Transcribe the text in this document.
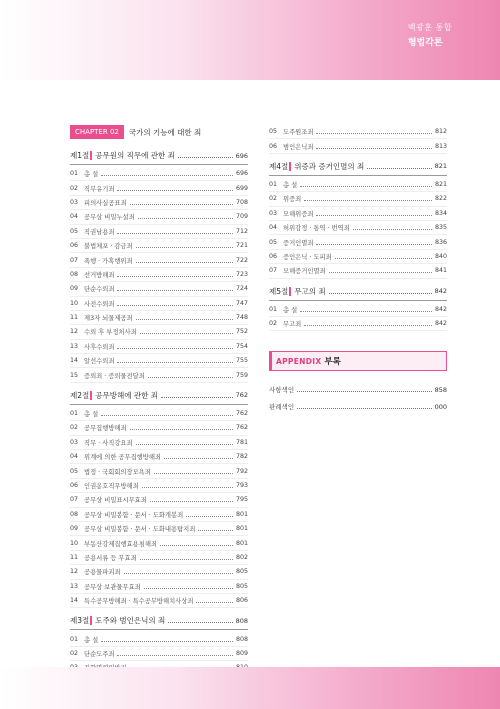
백광훈 통합
형법각론
CHAPTER 02	국가의 기능에 대한 죄
제1절 공무원의 직무에 관한 죄	696
01 총 설	696
02 직무유기죄	699
03 피의사실공표죄	708
04 공무상 비밀누설죄	709
05 직권남용죄	712
06 불법체포 · 감금죄	721
07 폭행 · 가혹행위죄	722
08 선거방해죄	723
09 단순수뢰죄	724
10 사전수뢰죄	747
11 제3자 뇌물제공죄	748
12 수뢰 후 부정처사죄	752
13 사후수뢰죄	754
14 알선수뢰죄	755
15 증뢰죄 · 증뢰물전달죄	759
제2절 공무방해에 관한 죄	762
01 총 설	762
02 공무집행방해죄	762
03 직무 · 사직강요죄	781
04 위계에 의한 공무집행방해죄	782
05 법정 · 국회회의장모욕죄	792
06 인권옹호직무방해죄	793
07 공무상 비밀표시무효죄	795
08 공무상 비밀봉함 · 문서 · 도화개봉죄	801
09 공무상 비밀봉함 · 문서 · 도화내용탐지죄	801
10 부동산강제집행효용침해죄	801
11 공용서류 등 무효죄	802
12 공용물파괴죄	805
13 공무상 보관물무효죄	805
14 특수공무방해죄 · 특수공무방해치사상죄	806
제3절 도주와 범인은닉의 죄	808
01 총 설	808
02 단순도주죄	809
05 도주원조죄	812
06 범인은닉죄	813
제4절 위증과 증거인멸의 죄	821
01 총 설	821
02 위증죄	822
03 모해위증죄	834
04 허위감정 · 통역 · 번역죄	835
05 증거인멸죄	836
06 증인은닉 · 도피죄	840
07 모해증거인멸죄	841
제5절 무고의 죄	842
01 총 설	842
02 무고죄	842
APPENDIX 부록
사항색인	858
판례색인	000
